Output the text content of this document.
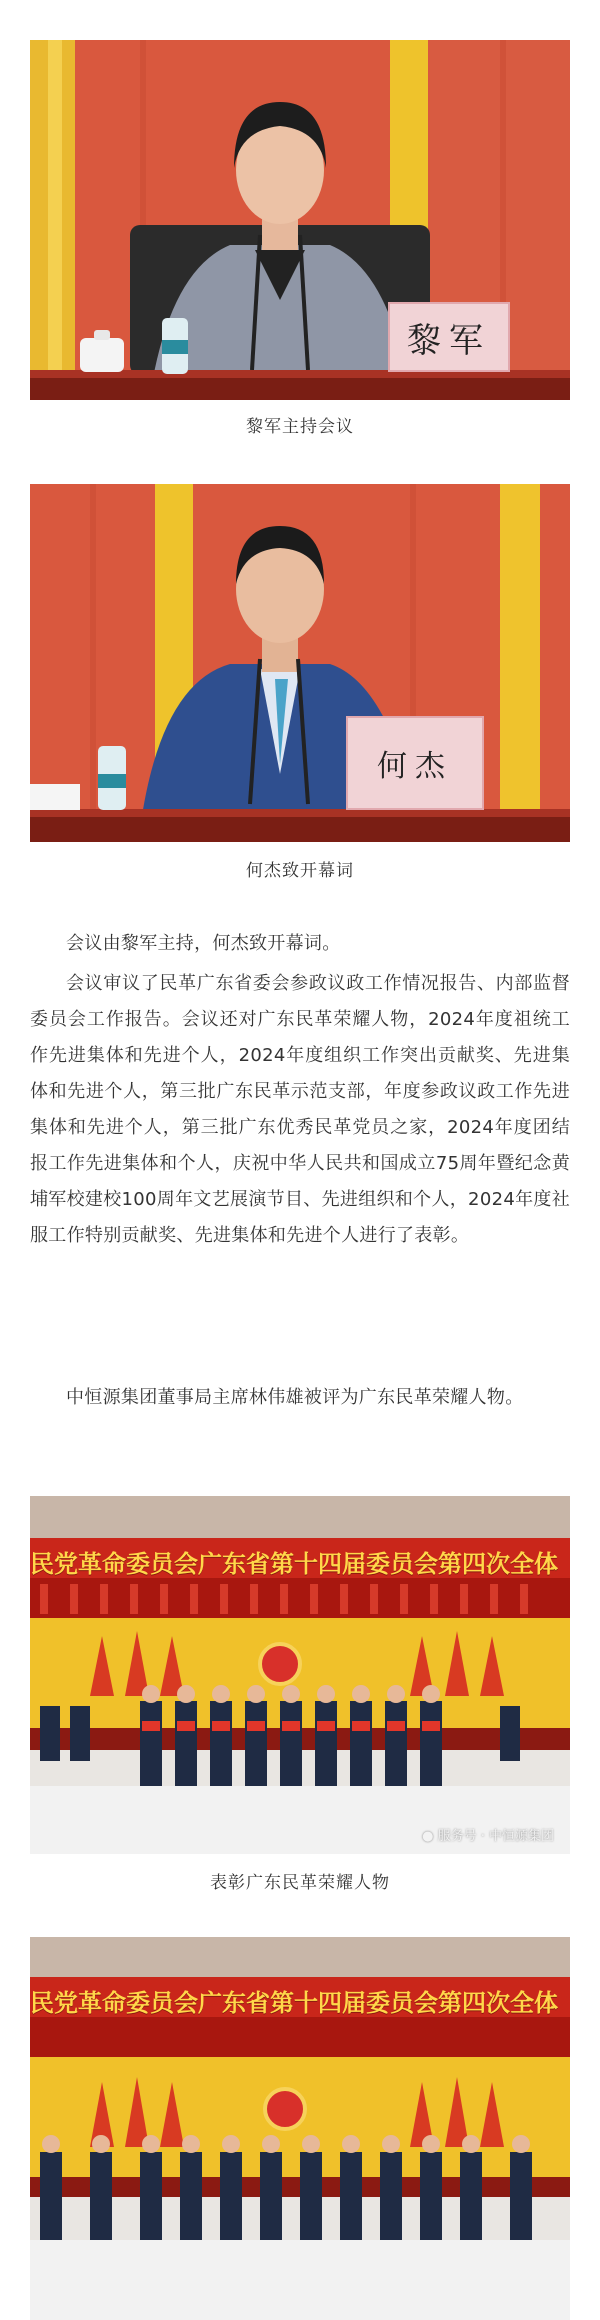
黎军
黎军主持会议
何杰
何杰致开幕词

会议由黎军主持，何杰致开幕词。

会议审议了民革广东省委会参政议政工作情况报告、内部监督委员会工作报告。会议还对广东民革荣耀人物，2024年度祖统工作先进集体和先进个人，2024年度组织工作突出贡献奖、先进集体和先进个人，第三批广东民革示范支部，年度参政议政工作先进集体和先进个人，第三批广东优秀民革党员之家，2024年度团结报工作先进集体和个人，庆祝中华人民共和国成立75周年暨纪念黄埔军校建校100周年文艺展演节目、先进组织和个人，2024年度社服工作特别贡献奖、先进集体和先进个人进行了表彰。

中恒源集团董事局主席林伟雄被评为广东民革荣耀人物。

民党革命委员会广东省第十四届委员会第四次全体
● 服务号 · 中恒源集团
表彰广东民革荣耀人物
民党革命委员会广东省第十四届委员会第四次全体
